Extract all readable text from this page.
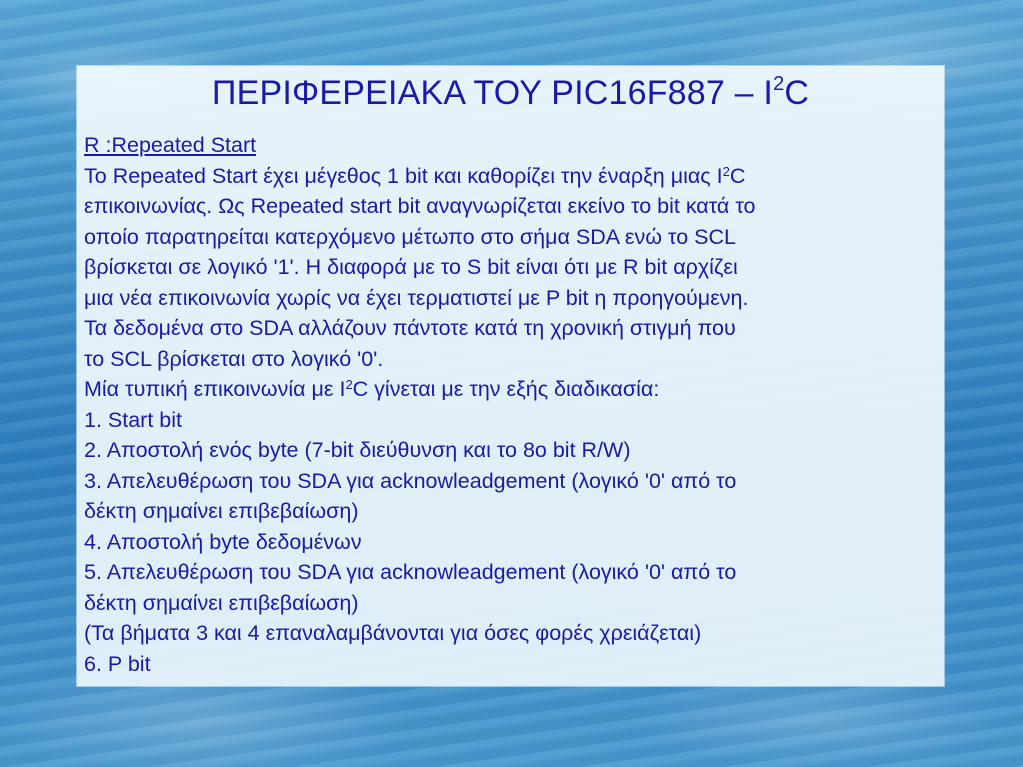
ΠΕΡΙΦΕΡΕΙΑΚΑ ΤΟΥ $PIC16F887 - I^2C$
R :Repeated Start
Το Repeated Start έχει μέγεθος 1 bit και καθορίζει την έναρξη μιας $I^2C$
επικοινωνίας. Ως Repeated start bit αναγνωρίζεται εκείνο το bit κατά το
οποίο παρατηρείται κατερχόμενο μέτωπο στο σήμα SDA ενώ το SCL
βρίσκεται σε λογικό '1'. Η διαφορά με το S bit είναι ότι με R bit αρχίζει
μια νέα επικοινωνία χωρίς να έχει τερματιστεί με P bit η προηγούμενη.
Τα δεδομένα στο SDA αλλάζουν πάντοτε κατά τη χρονική στιγμή που
το SCL βρίσκεται στο λογικό '0'.
Μία τυπική επικοινωνία με $I^2C$ γίνεται με την εξής διαδικασία:
1. Start bit
2. Αποστολή ενός byte (7-bit διεύθυνση και το 8ο bit R/W)
3. Απελευθέρωση του SDA για acknowleadgement (λογικό '0' από το
δέκτη σημαίνει επιβεβαίωση)
4. Αποστολή byte δεδομένων
5. Απελευθέρωση του SDA για acknowleadgement (λογικό '0' από το
δέκτη σημαίνει επιβεβαίωση)
(Τα βήματα 3 και 4 επαναλαμβάνονται για όσες φορές χρειάζεται)
6. P bit
